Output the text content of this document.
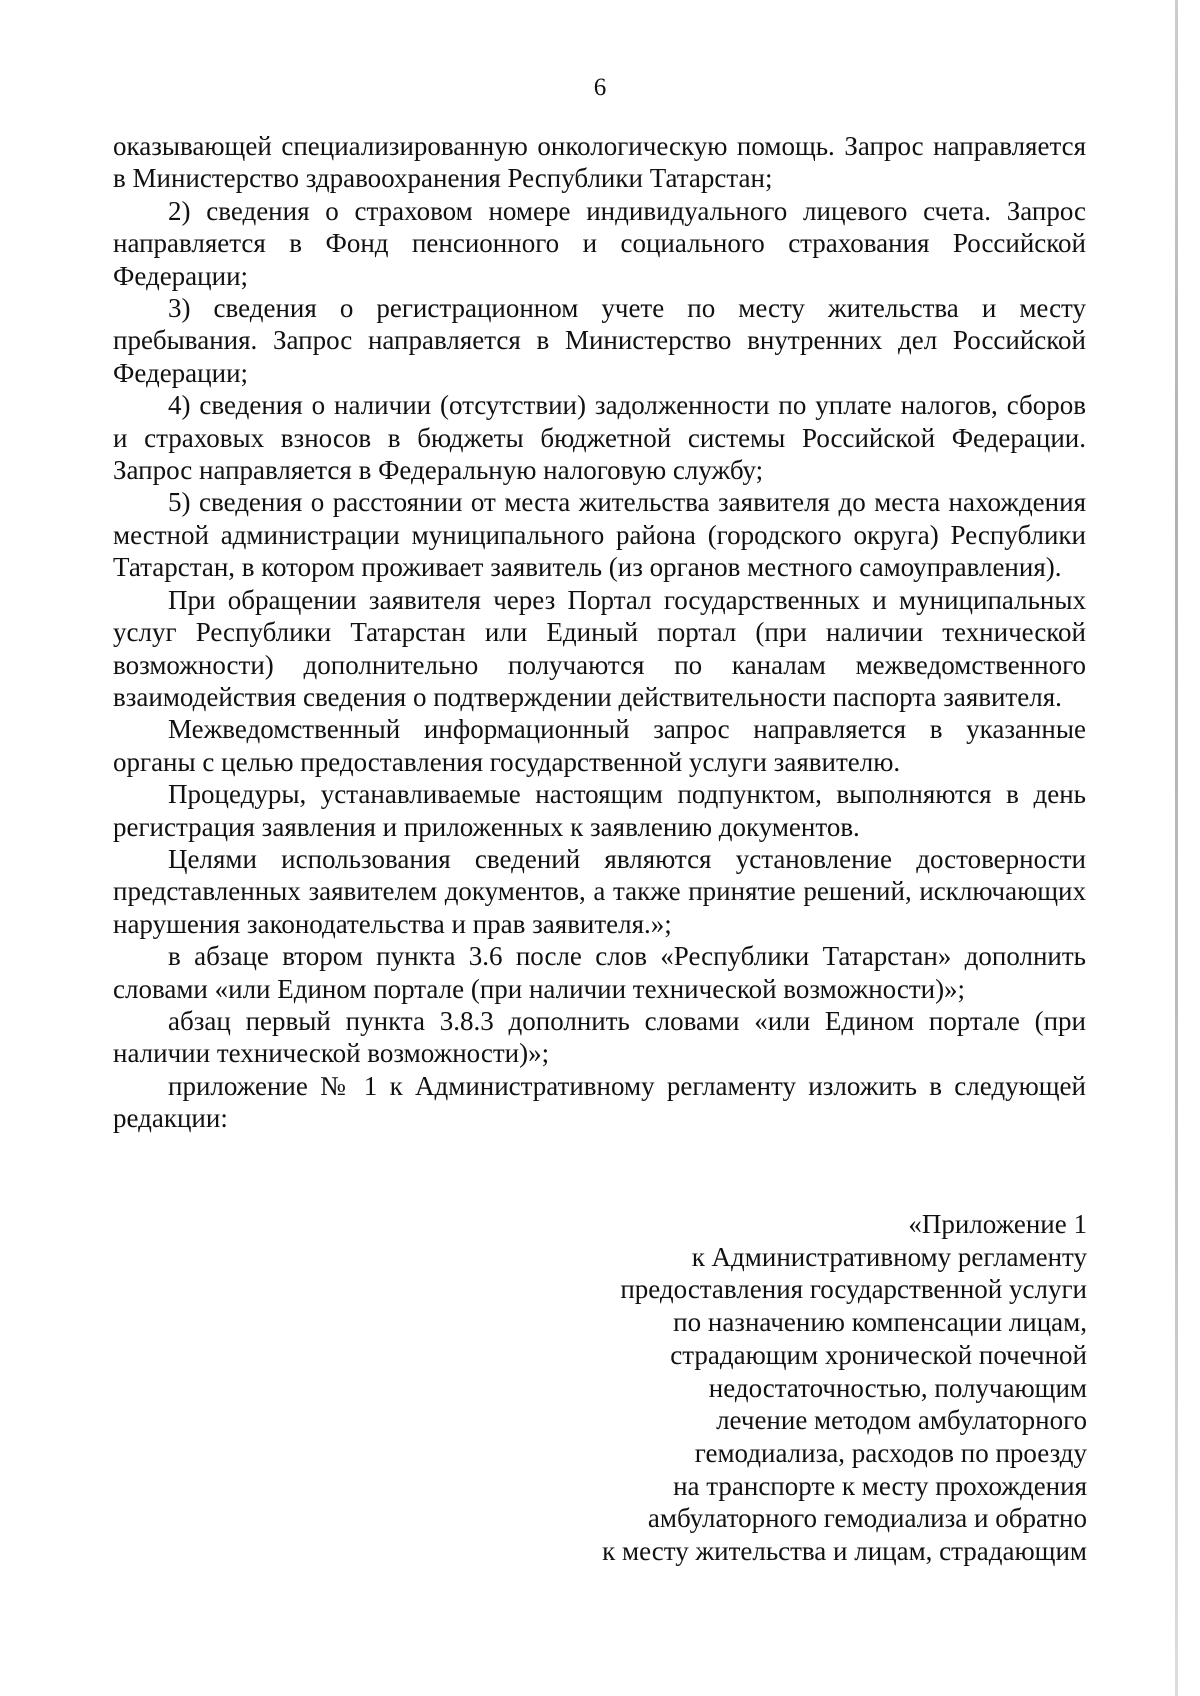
6

оказывающей специализированную онкологическую помощь. Запрос направляется в Министерство здравоохранения Республики Татарстан;

2) сведения о страховом номере индивидуального лицевого счета. Запрос направляется в Фонд пенсионного и социального страхования Российской Федерации;

3) сведения о регистрационном учете по месту жительства и месту пребывания. Запрос направляется в Министерство внутренних дел Российской Федерации;

4) сведения о наличии (отсутствии) задолженности по уплате налогов, сборов и страховых взносов в бюджеты бюджетной системы Российской Федерации. Запрос направляется в Федеральную налоговую службу;

5) сведения о расстоянии от места жительства заявителя до места нахождения местной администрации муниципального района (городского округа) Республики Татарстан, в котором проживает заявитель (из органов местного самоуправления).

При обращении заявителя через Портал государственных и муниципальных услуг Республики Татарстан или Единый портал (при наличии технической возможности) дополнительно получаются по каналам межведомственного взаимодействия сведения о подтверждении действительности паспорта заявителя.

Межведомственный информационный запрос направляется в указанные органы с целью предоставления государственной услуги заявителю.

Процедуры, устанавливаемые настоящим подпунктом, выполняются в день регистрация заявления и приложенных к заявлению документов.

Целями использования сведений являются установление достоверности представленных заявителем документов, а также принятие решений, исключающих нарушения законодательства и прав заявителя.»;

в абзаце втором пункта 3.6 после слов «Республики Татарстан» дополнить словами «или Едином портале (при наличии технической возможности)»;

абзац первый пункта 3.8.3 дополнить словами «или Едином портале (при наличии технической возможности)»;

приложение № 1 к Административному регламенту изложить в следующей редакции:

«Приложение 1
к Административному регламенту
предоставления государственной услуги
по назначению компенсации лицам,
страдающим хронической почечной
недостаточностью, получающим
лечение методом амбулаторного
гемодиализа, расходов по проезду
на транспорте к месту прохождения
амбулаторного гемодиализа и обратно
к месту жительства и лицам, страдающим
